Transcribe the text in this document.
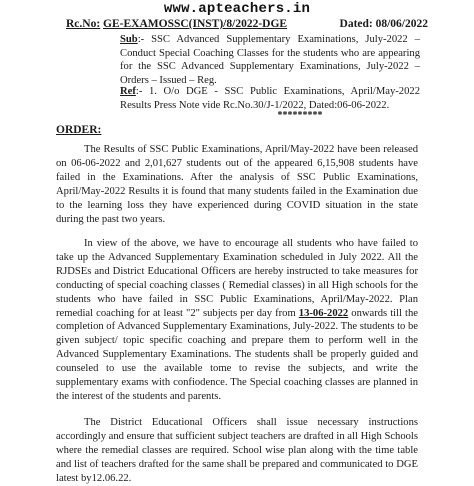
www.apteachers.in
Rc.No: GE-EXAMOSSC(INST)/8/2022-DGE	Dated: 08/06/2022
Sub:- SSC Advanced Supplementary Examinations, July-2022 – Conduct Special Coaching Classes for the students who are appearing for the SSC Advanced Supplementary Examinations, July-2022 – Orders – Issued – Reg.
Ref:- 1. O/o DGE - SSC Public Examinations, April/May-2022 Results Press Note vide Rc.No.30/J-1/2022, Dated:06-06-2022.
*********
ORDER:

The Results of SSC Public Examinations, April/May-2022 have been released on 06-06-2022 and 2,01,627 students out of the appeared 6,15,908 students have failed in the Examinations. After the analysis of SSC Public Examinations, April/May-2022 Results it is found that many students failed in the Examination due to the learning loss they have experienced during COVID situation in the state during the past two years.

In view of the above, we have to encourage all students who have failed to take up the Advanced Supplementary Examination scheduled in July 2022. All the RJDSEs and District Educational Officers are hereby instructed to take measures for conducting of special coaching classes ( Remedial classes) in all High schools for the students who have failed in SSC Public Examinations, April/May-2022. Plan remedial coaching for at least "2" subjects per day from 13-06-2022 onwards till the completion of Advanced Supplementary Examinations, July-2022. The students to be given subject/ topic specific coaching and prepare them to perform well in the Advanced Supplementary Examinations. The students shall be properly guided and counseled to use the available tome to revise the subjects, and write the supplementary exams with confiodence. The Special coaching classes are planned in the interest of the students and parents.

The District Educational Officers shall issue necessary instructions accordingly and ensure that sufficient subject teachers are drafted in all High Schools where the remedial classes are required. School wise plan along with the time table and list of teachers drafted for the same shall be prepared and communicated to DGE latest by12.06.22.
